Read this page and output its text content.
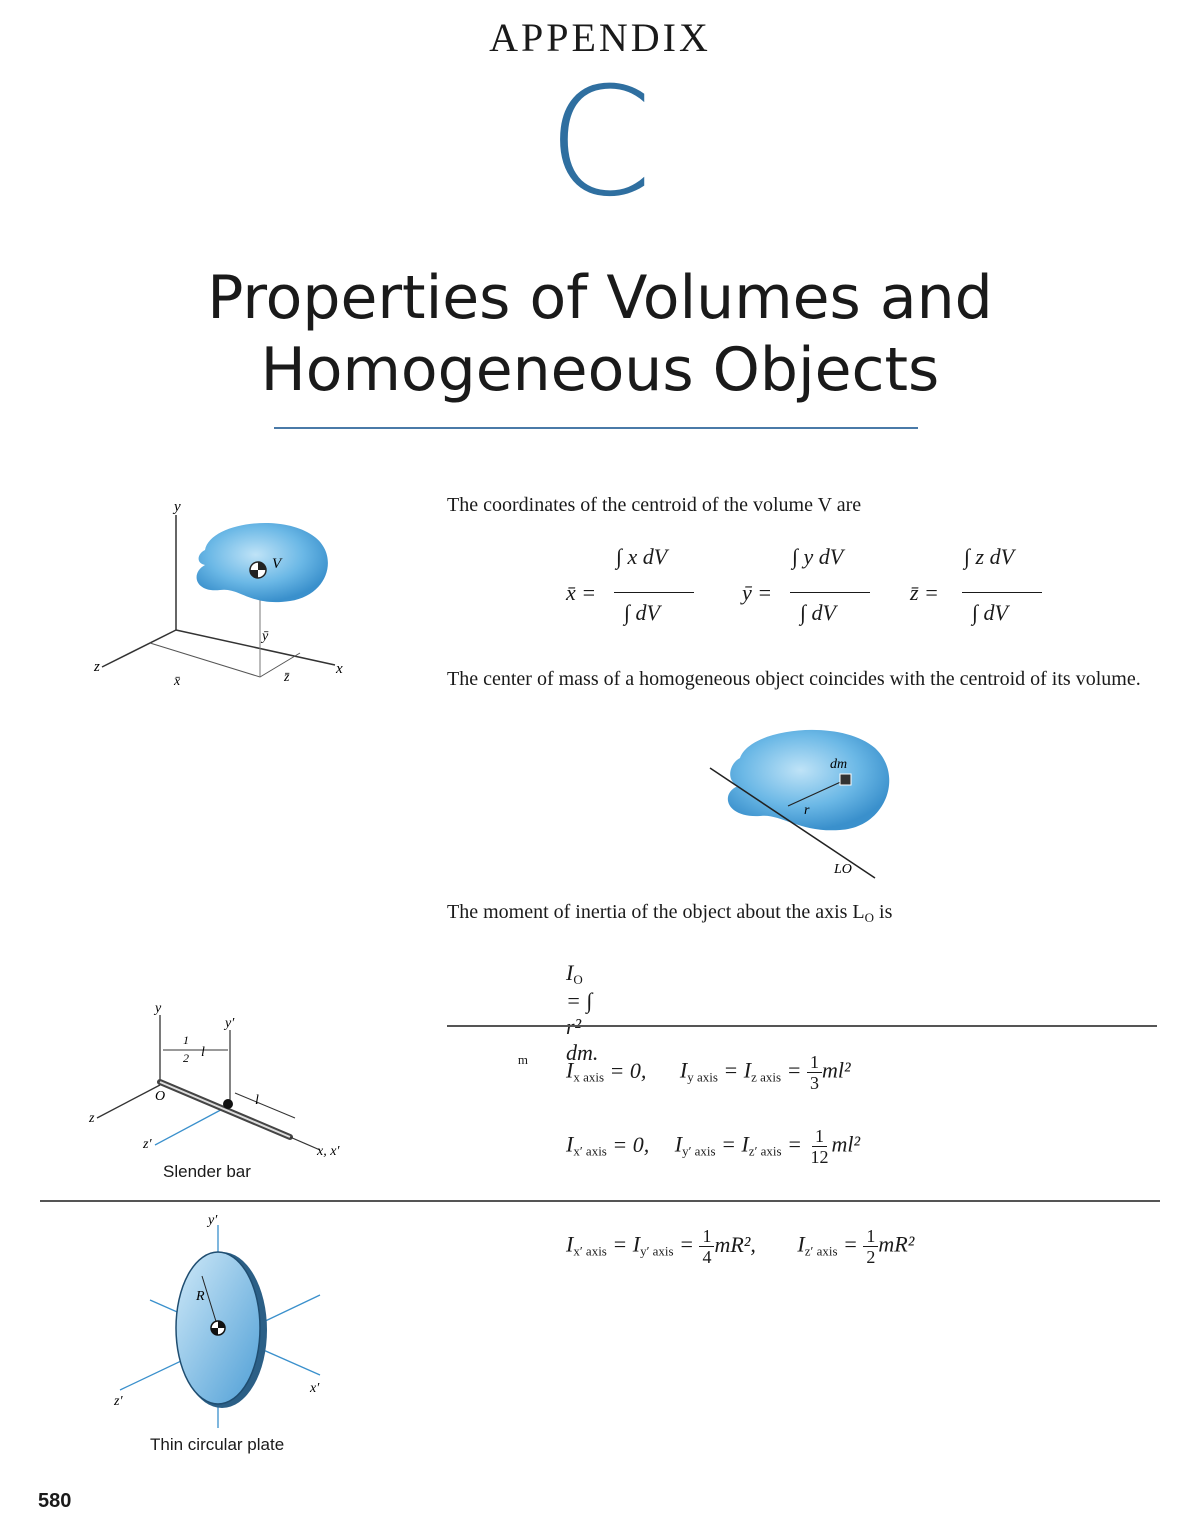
APPENDIX
C
Properties of Volumes and
Homogeneous Objects
y
x
z
V
x̄
ȳ
z̄
The coordinates of the centroid of the volume V are
x̄ =
∫ x dV
∫ dV
ȳ =
∫ y dV
∫ dV
z̄ =
∫ z dV
∫ dV
The center of mass of a homogeneous object coincides with the centroid of its volume.
dm
r
LO
The moment of inertia of the object about the axis $L_O$ is
$I_O$ = ∫ r² dm. $_m$
y
y′
1
2 l
l
O
z
z′	x, x′
Slender bar
$I_{x axis} = 0$, $I_{y axis} = I_{z axis} = \frac{1}{3} ml^2$
$I_{x' axis} = 0$, $I_{y' axis} = I_{z' axis} = \frac{1}{12} ml^2$
y′
R
z′
x′
Thin circular plate
$I_{x' axis} = I_{y' axis} = \frac{1}{4} mR^2$, $I_{z' axis} = \frac{1}{2} mR^2$
580
